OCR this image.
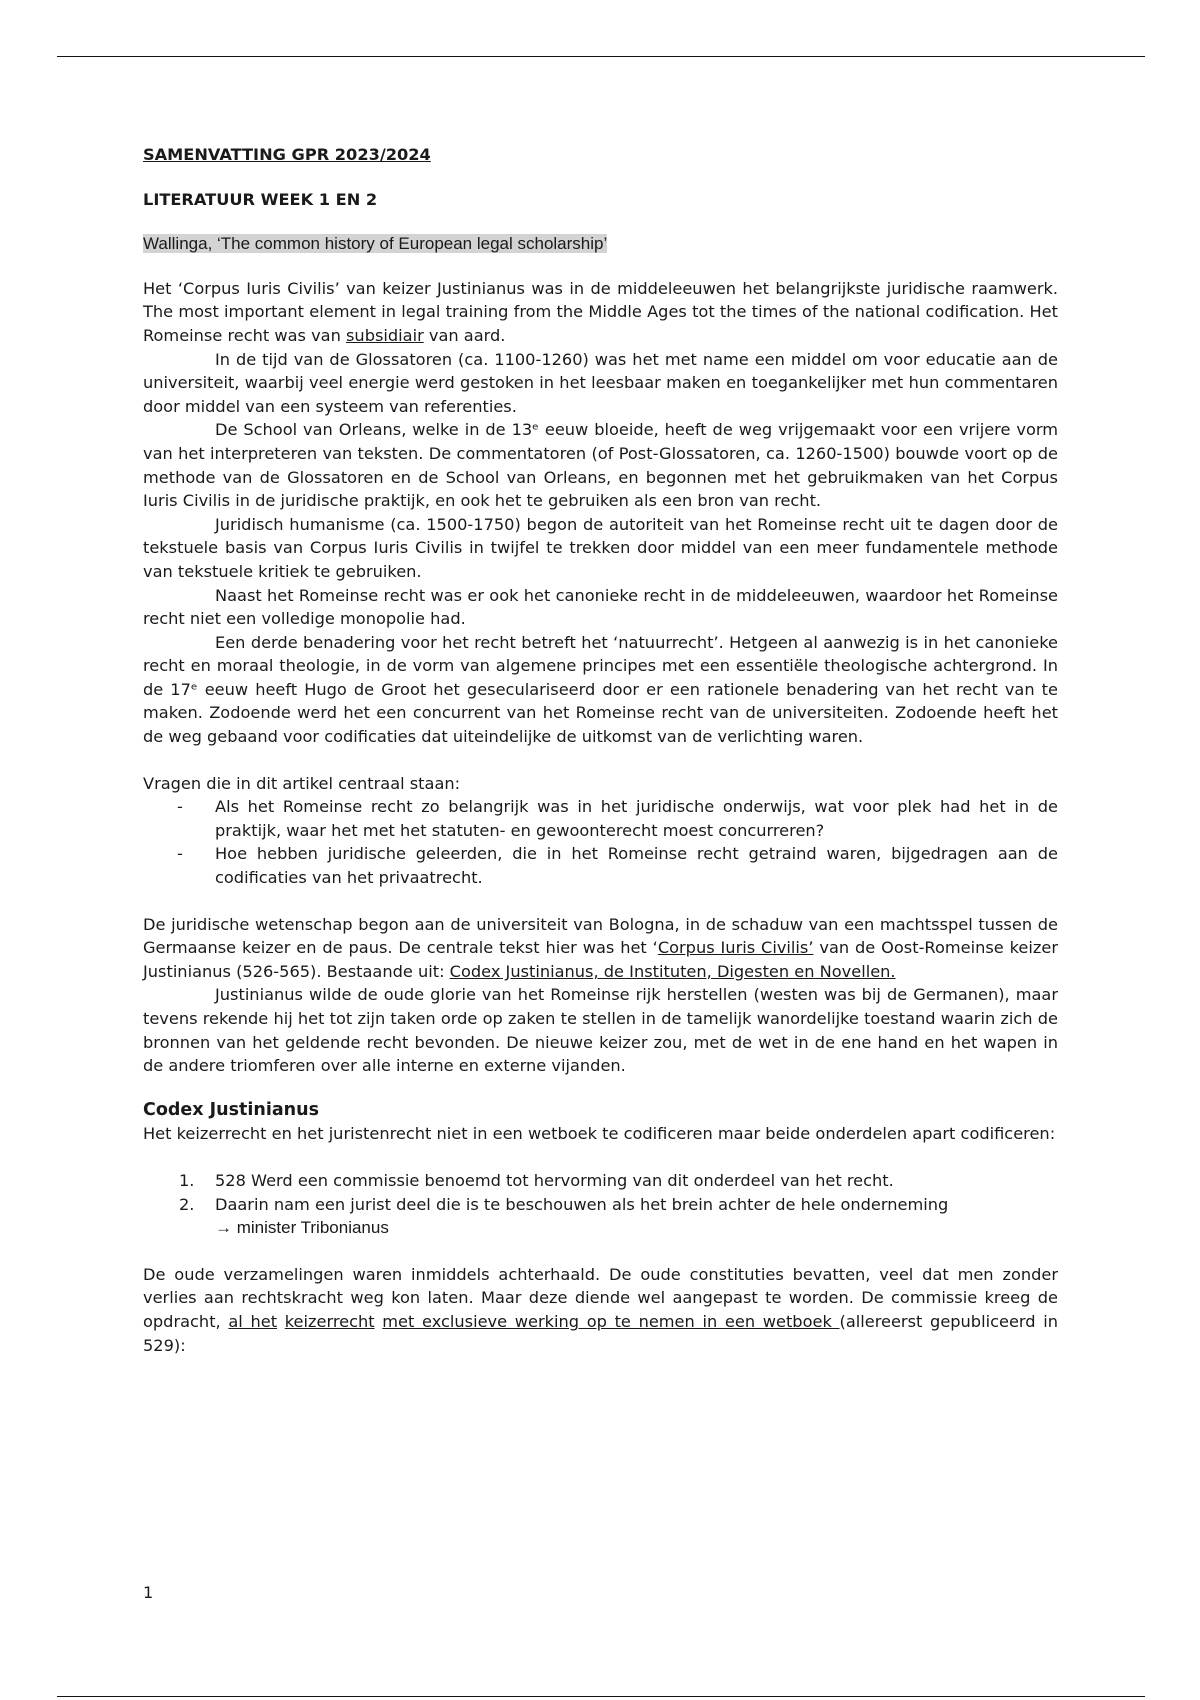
SAMENVATTING GPR 2023/2024

LITERATUUR WEEK 1 EN 2

Wallinga, ‘The common history of European legal scholarship’

Het ‘Corpus Iuris Civilis’ van keizer Justinianus was in de middeleeuwen het belangrijkste juridische raamwerk. The most important element in legal training from the Middle Ages tot the times of the national codification. Het Romeinse recht was van subsidiair van aard.

In de tijd van de Glossatoren (ca. 1100-1260) was het met name een middel om voor educatie aan de universiteit, waarbij veel energie werd gestoken in het leesbaar maken en toegankelijker met hun commentaren door middel van een systeem van referenties.

De School van Orleans, welke in de 13ᵉ eeuw bloeide, heeft de weg vrijgemaakt voor een vrijere vorm van het interpreteren van teksten. De commentatoren (of Post-Glossatoren, ca. 1260-1500) bouwde voort op de methode van de Glossatoren en de School van Orleans, en begonnen met het gebruikmaken van het Corpus Iuris Civilis in de juridische praktijk, en ook het te gebruiken als een bron van recht.

Juridisch humanisme (ca. 1500-1750) begon de autoriteit van het Romeinse recht uit te dagen door de tekstuele basis van Corpus Iuris Civilis in twijfel te trekken door middel van een meer fundamentele methode van tekstuele kritiek te gebruiken.

Naast het Romeinse recht was er ook het canonieke recht in de middeleeuwen, waardoor het Romeinse recht niet een volledige monopolie had.

Een derde benadering voor het recht betreft het ‘natuurrecht’. Hetgeen al aanwezig is in het canonieke recht en moraal theologie, in de vorm van algemene principes met een essentiële theologische achtergrond. In de 17ᵉ eeuw heeft Hugo de Groot het geseculariseerd door er een rationele benadering van het recht van te maken. Zodoende werd het een concurrent van het Romeinse recht van de universiteiten. Zodoende heeft het de weg gebaand voor codificaties dat uiteindelijke de uitkomst van de verlichting waren.

Vragen die in dit artikel centraal staan:

- Als het Romeinse recht zo belangrijk was in het juridische onderwijs, wat voor plek had het in de praktijk, waar het met het statuten- en gewoonterecht moest concurreren?
- Hoe hebben juridische geleerden, die in het Romeinse recht getraind waren, bijgedragen aan de codificaties van het privaatrecht.

De juridische wetenschap begon aan de universiteit van Bologna, in de schaduw van een machtsspel tussen de Germaanse keizer en de paus. De centrale tekst hier was het ‘Corpus Iuris Civilis’ van de Oost-Romeinse keizer Justinianus (526-565). Bestaande uit: Codex Justinianus, de Instituten, Digesten en Novellen.

Justinianus wilde de oude glorie van het Romeinse rijk herstellen (westen was bij de Germanen), maar tevens rekende hij het tot zijn taken orde op zaken te stellen in de tamelijk wanordelijke toestand waarin zich de bronnen van het geldende recht bevonden. De nieuwe keizer zou, met de wet in de ene hand en het wapen in de andere triomferen over alle interne en externe vijanden.

Codex Justinianus

Het keizerrecht en het juristenrecht niet in een wetboek te codificeren maar beide onderdelen apart codificeren:

1. 528 Werd een commissie benoemd tot hervorming van dit onderdeel van het recht.
2. Daarin nam een jurist deel die is te beschouwen als het brein achter de hele onderneming
→ minister Tribonianus

De oude verzamelingen waren inmiddels achterhaald. De oude constituties bevatten, veel dat men zonder verlies aan rechtskracht weg kon laten. Maar deze diende wel aangepast te worden. De commissie kreeg de opdracht, al het keizerrecht met exclusieve werking op te nemen in een wetboek (allereerst gepubliceerd in 529):

1
